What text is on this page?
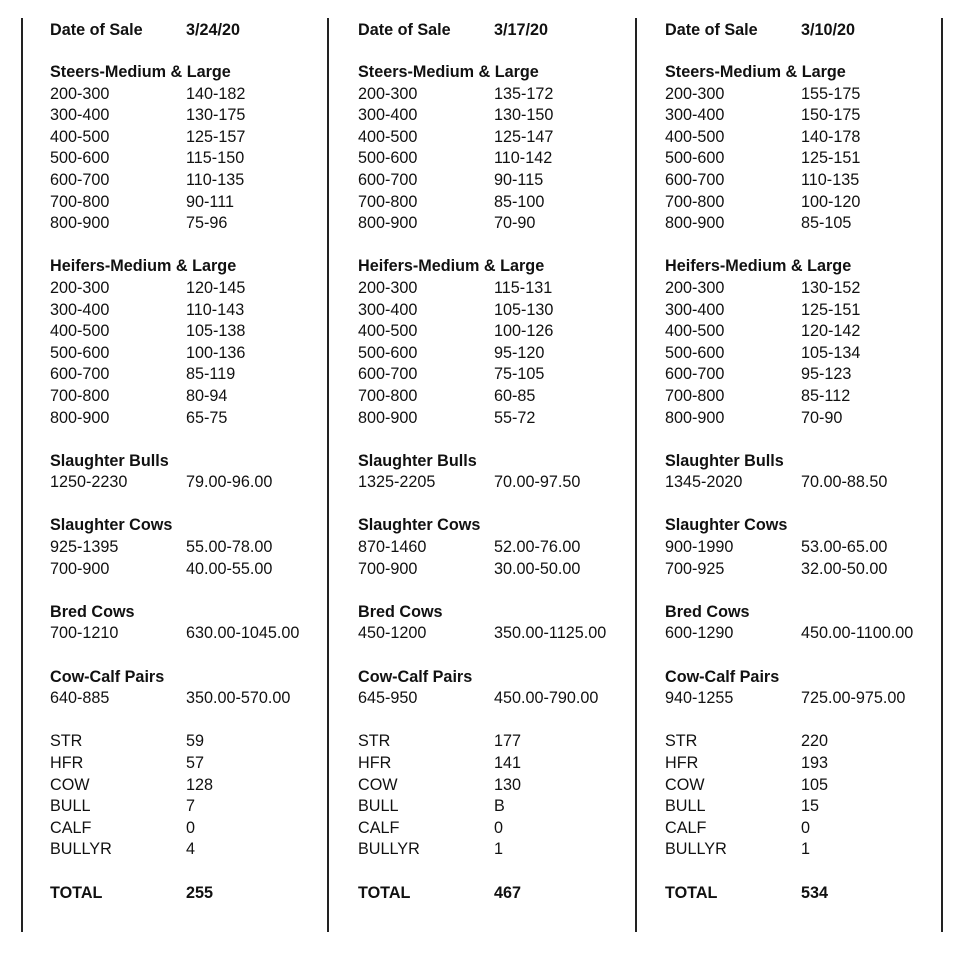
Date of Sale	3/24/20
Steers-Medium & Large
200-300	140-182
300-400	130-175
400-500	125-157
500-600	115-150
600-700	110-135
700-800	90-111
800-900	75-96
Heifers-Medium & Large
200-300	120-145
300-400	110-143
400-500	105-138
500-600	100-136
600-700	85-119
700-800	80-94
800-900	65-75
Slaughter Bulls
1250-2230	79.00-96.00
Slaughter Cows
925-1395	55.00-78.00
700-900	40.00-55.00
Bred Cows
700-1210	630.00-1045.00
Cow-Calf Pairs
640-885	350.00-570.00
STR	59
HFR	57
COW	128
BULL	7
CALF	0
BULLYR	4
TOTAL	255
Date of Sale	3/17/20
Steers-Medium & Large
200-300	135-172
300-400	130-150
400-500	125-147
500-600	110-142
600-700	90-115
700-800	85-100
800-900	70-90
Heifers-Medium & Large
200-300	115-131
300-400	105-130
400-500	100-126
500-600	95-120
600-700	75-105
700-800	60-85
800-900	55-72
Slaughter Bulls
1325-2205	70.00-97.50
Slaughter Cows
870-1460	52.00-76.00
700-900	30.00-50.00
Bred Cows
450-1200	350.00-1125.00
Cow-Calf Pairs
645-950	450.00-790.00
STR	177
HFR	141
COW	130
BULL	B
CALF	0
BULLYR	1
TOTAL	467
Date of Sale	3/10/20
Steers-Medium & Large
200-300	155-175
300-400	150-175
400-500	140-178
500-600	125-151
600-700	110-135
700-800	100-120
800-900	85-105
Heifers-Medium & Large
200-300	130-152
300-400	125-151
400-500	120-142
500-600	105-134
600-700	95-123
700-800	85-112
800-900	70-90
Slaughter Bulls
1345-2020	70.00-88.50
Slaughter Cows
900-1990	53.00-65.00
700-925	32.00-50.00
Bred Cows
600-1290	450.00-1100.00
Cow-Calf Pairs
940-1255	725.00-975.00
STR	220
HFR	193
COW	105
BULL	15
CALF	0
BULLYR	1
TOTAL	534
